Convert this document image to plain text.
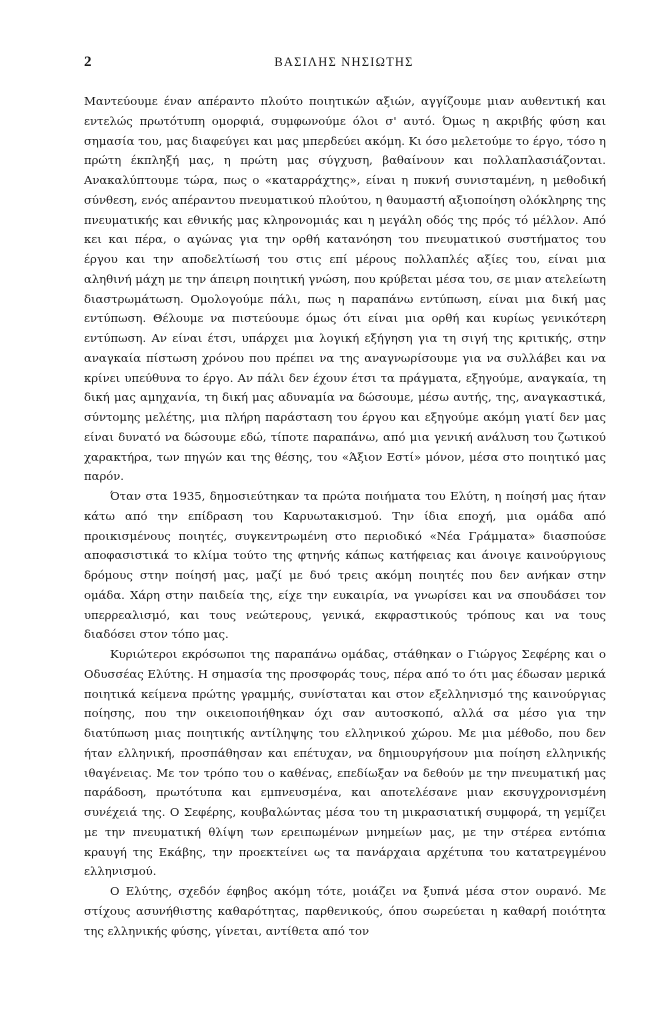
2	ΒΑΣΙΛΗΣ ΝΗΣΙΩΤΗΣ

Μαντεύουμε έναν απέραντο πλούτο ποιητικών αξιών, αγγίζουμε μιαν αυθεντική και εντελώς πρωτότυπη ομορφιά, συμφωνούμε όλοι σ' αυτό. Όμως η ακριβής φύση και σημασία του, μας διαφεύγει και μας μπερδεύει ακόμη. Κι όσο μελετούμε το έργο, τόσο η πρώτη έκπληξή μας, η πρώτη μας σύγχυση, βαθαίνουν και πολλαπλασιάζονται. Ανακαλύπτουμε τώρα, πως ο «καταρράχτης», είναι η πυκνή συνισταμένη, η μεθοδική σύνθεση, ενός απέραντου πνευματικού πλούτου, η θαυμαστή αξιοποίηση ολόκληρης της πνευματικής και εθνικής μας κληρονομιάς και η μεγάλη οδός της πρός τό μέλλον. Από κει και πέρα, ο αγώνας για την ορθή κατανόηση του πνευματικού συστήματος του έργου και την αποδελτίωσή του στις επί μέρους πολλαπλές αξίες του, είναι μια αληθινή μάχη με την άπειρη ποιητική γνώση, που κρύβεται μέσα του, σε μιαν ατελείωτη διαστρωμάτωση. Ομολογούμε πάλι, πως η παραπάνω εντύπωση, είναι μια δική μας εντύπωση. Θέλουμε να πιστεύουμε όμως ότι είναι μια ορθή και κυρίως γενικότερη εντύπωση. Αν είναι έτσι, υπάρχει μια λογική εξήγηση για τη σιγή της κριτικής, στην αναγκαία πίστωση χρόνου που πρέπει να της αναγνωρίσουμε για να συλλάβει και να κρίνει υπεύθυνα το έργο. Αν πάλι δεν έχουν έτσι τα πράγματα, εξηγούμε, αναγκαία, τη δική μας αμηχανία, τη δική μας αδυναμία να δώσουμε, μέσω αυτής, της, αναγκαστικά, σύντομης μελέτης, μια πλήρη παράσταση του έργου και εξηγούμε ακόμη γιατί δεν μας είναι δυνατό να δώσουμε εδώ, τίποτε παραπάνω, από μια γενική ανάλυση του ζωτικού χαρακτήρα, των πηγών και της θέσης, του «Άξιον Εστί» μόνον, μέσα στο ποιητικό μας παρόν.

Όταν στα 1935, δημοσιεύτηκαν τα πρώτα ποιήματα του Ελύτη, η ποίησή μας ήταν κάτω από την επίδραση του Καρυωτακισμού. Την ίδια εποχή, μια ομάδα από προικισμένους ποιητές, συγκεντρωμένη στο περιοδικό «Νέα Γράμματα» διασπούσε αποφασιστικά το κλίμα τούτο της φτηνής κάπως κατήφειας και άνοιγε καινούργιους δρόμους στην ποίησή μας, μαζί με δυό τρεις ακόμη ποιητές που δεν ανήκαν στην ομάδα. Χάρη στην παιδεία της, είχε την ευκαιρία, να γνωρίσει και να σπουδάσει τον υπερρεαλισμό, και τους νεώτερους, γενικά, εκφραστικούς τρόπους και να τους διαδόσει στον τόπο μας.

Κυριώτεροι εκρόσωποι της παραπάνω ομάδας, στάθηκαν ο Γιώργος Σεφέρης και ο Οδυσσέας Ελύτης. Η σημασία της προσφοράς τους, πέρα από το ότι μας έδωσαν μερικά ποιητικά κείμενα πρώτης γραμμής, συνίσταται και στον εξελληνισμό της καινούργιας ποίησης, που την οικειοποιήθηκαν όχι σαν αυτοσκοπό, αλλά σα μέσο για την διατύπωση μιας ποιητικής αντίληψης του ελληνικού χώρου. Με μια μέθοδο, που δεν ήταν ελληνική, προσπάθησαν και επέτυχαν, να δημιουργήσουν μια ποίηση ελληνικής ιθαγένειας. Με τον τρόπο του ο καθένας, επεδίωξαν να δεθούν με την πνευματική μας παράδοση, πρωτότυπα και εμπνευσμένα, και αποτελέσανε μιαν εκσυγχρονισμένη συνέχειά της. Ο Σεφέρης, κουβαλώντας μέσα του τη μικρασιατική συμφορά, τη γεμίζει με την πνευματική θλίψη των ερειπωμένων μνημείων μας, με την στέρεα εντόπια κραυγή της Εκάβης, την προεκτείνει ως τα πανάρχαια αρχέτυπα του κατατρεγμένου ελληνισμού.

Ο Ελύτης, σχεδόν έφηβος ακόμη τότε, μοιάζει να ξυπνά μέσα στον ουρανό. Με στίχους ασυνήθιστης καθαρότητας, παρθενικούς, όπου σωρεύεται η καθαρή ποιότητα της ελληνικής φύσης, γίνεται, αντίθετα από τον
